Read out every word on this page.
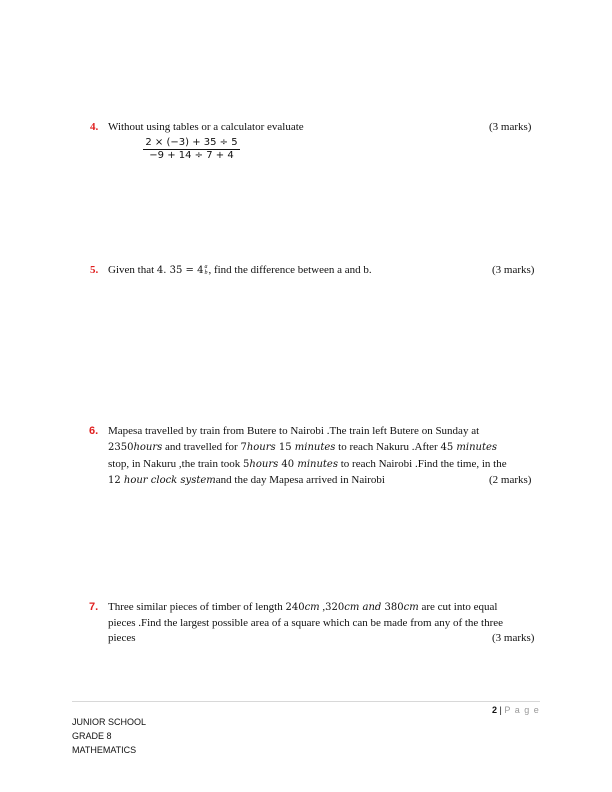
4. Without using tables or a calculator evaluate	(3 marks)
$\frac{2 \times (-3) + 35 \div 5}{-9 + 14 \div 7 + 4}$
5. Given that 4. 3̇5̇ = 4a
b, find the difference between a and b.	(3 marks)
6. Mapesa travelled by train from Butere to Nairobi .The train left Butere on Sunday at
2350hours and travelled for 7hours 15 minutes to reach Nakuru .After 45 minutes
stop, in Nakuru ,the train took 5hours 40 minutes to reach Nairobi .Find the time, in the
12 hour clock systemand the day Mapesa arrived in Nairobi	(2 marks)
7. Three similar pieces of timber of length 240cm ,320cm and 380cm are cut into equal
pieces .Find the largest possible area of a square which can be made from any of the three
pieces	(3 marks)
2 | P a g e
JUNIOR SCHOOL
GRADE 8
MATHEMATICS
